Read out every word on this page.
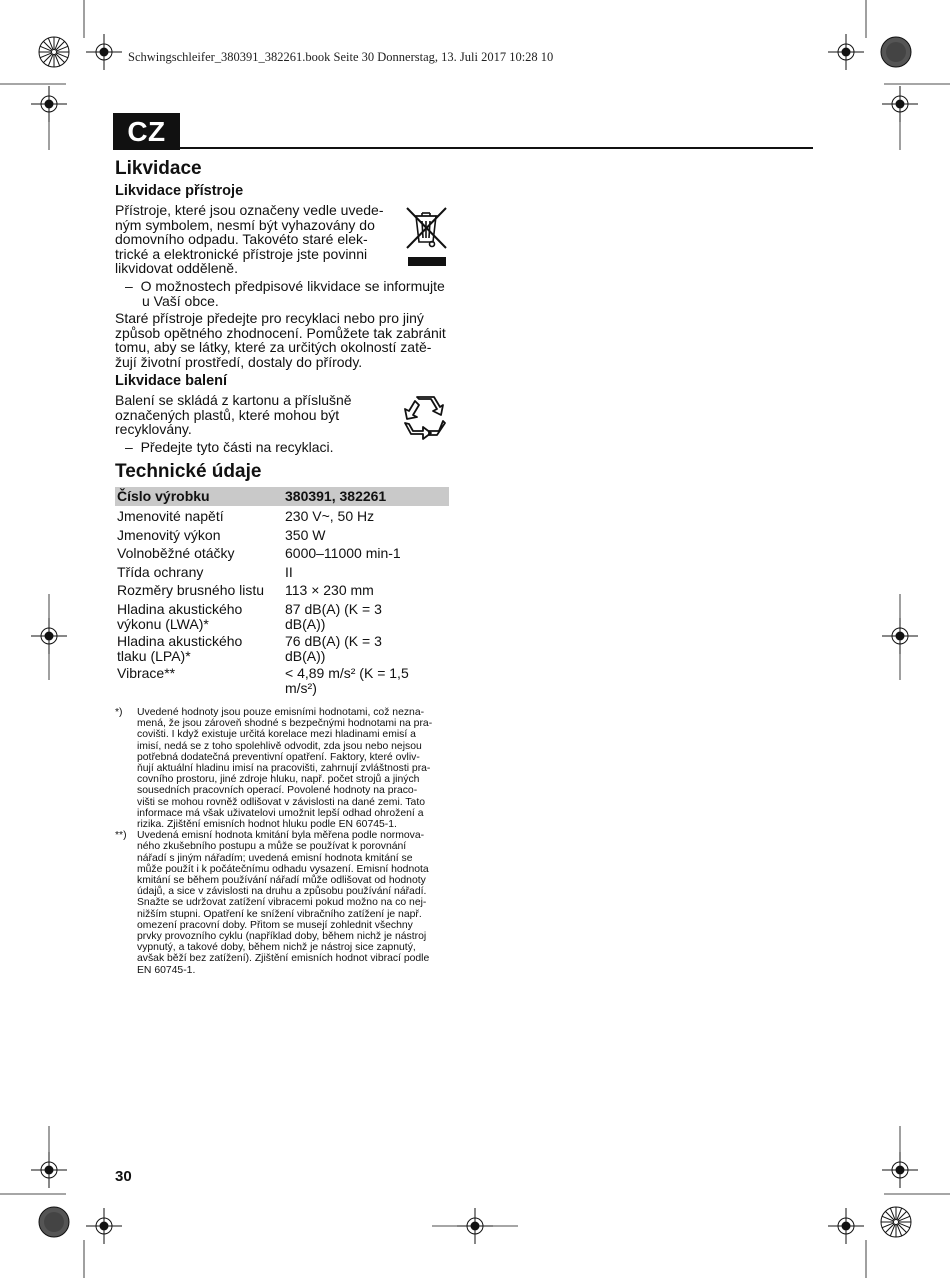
Schwingschleifer_380391_382261.book Seite 30 Donnerstag, 13. Juli 2017 10:28 10
CZ
Likvidace
Likvidace přístroje
Přístroje, které jsou označeny vedle uvede-
ným symbolem, nesmí být vyhazovány do
domovního odpadu. Takovéto staré elek-
trické a elektronické přístroje jste povinni
likvidovat odděleně.
– O možnostech předpisové likvidace se informujte
u Vaší obce.
Staré přístroje předejte pro recyklaci nebo pro jiný
způsob opětného zhodnocení. Pomůžete tak zabránit
tomu, aby se látky, které za určitých okolností zatě-
žují životní prostředí, dostaly do přírody.
Likvidace balení
Balení se skládá z kartonu a příslušně
označených plastů, které mohou být
recyklovány.
– Předejte tyto části na recyklaci.
Technické údaje
Číslo výrobku	380391, 382261
Jmenovité napětí	230 V~, 50 Hz
Jmenovitý výkon	350 W
Volnoběžné otáčky	6000–11000 min-1
Třída ochrany	II
Rozměry brusného listu	113 × 230 mm
Hladina akustického výkonu (LWA)*	87 dB(A) (K = 3 dB(A))
Hladina akustického tlaku (LPA)*	76 dB(A) (K = 3 dB(A))
Vibrace**	< 4,89 m/s² (K = 1,5 m/s²)
*) Uvedené hodnoty jsou pouze emisními hodnotami, což nezna-
mená, že jsou zároveň shodné s bezpečnými hodnotami na pra-
covišti. I když existuje určitá korelace mezi hladinami emisí a
imisí, nedá se z toho spolehlivě odvodit, zda jsou nebo nejsou
potřebná dodatečná preventivní opatření. Faktory, které ovliv-
ňují aktuální hladinu imisí na pracovišti, zahrnují zvláštnosti pra-
covního prostoru, jiné zdroje hluku, např. počet strojů a jiných
sousedních pracovních operací. Povolené hodnoty na praco-
višti se mohou rovněž odlišovat v závislosti na dané zemi. Tato
informace má však uživatelovi umožnit lepší odhad ohrožení a
rizika. Zjištění emisních hodnot hluku podle EN 60745-1.
**) Uvedená emisní hodnota kmitání byla měřena podle normova-
ného zkušebního postupu a může se používat k porovnání
nářadí s jiným nářadím; uvedená emisní hodnota kmitání se
může použít i k počátečnímu odhadu vysazení. Emisní hodnota
kmitání se během používání nářadí může odlišovat od hodnoty
údajů, a sice v závislosti na druhu a způsobu používání nářadí.
Snažte se udržovat zatížení vibracemi pokud možno na co nej-
nižším stupni. Opatření ke snížení vibračního zatížení je např.
omezení pracovní doby. Přitom se musejí zohlednit všechny
prvky provozního cyklu (například doby, během nichž je nástroj
vypnutý, a takové doby, během nichž je nástroj sice zapnutý,
avšak běží bez zatížení). Zjištění emisních hodnot vibrací podle
EN 60745-1.
30
